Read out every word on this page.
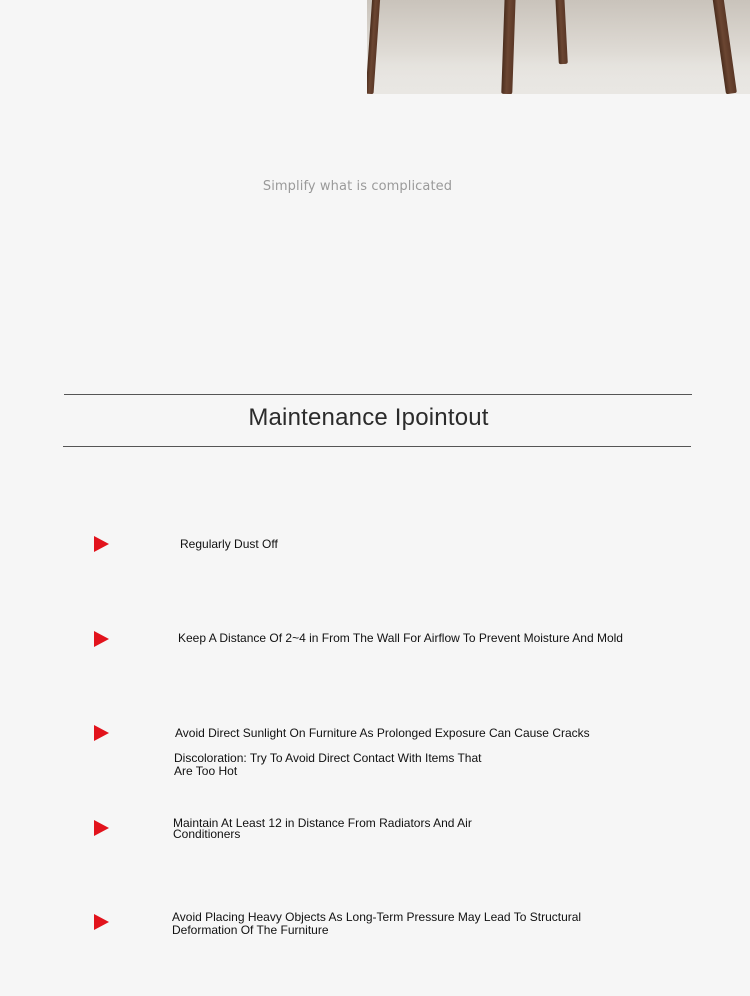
Simplify what is complicated
Maintenance Ipointout
Regularly Dust Off
Keep A Distance Of 2~4 in From The Wall For Airflow To Prevent Moisture And Mold
Avoid Direct Sunlight On Furniture As Prolonged Exposure Can Cause Cracks
Discoloration: Try To Avoid Direct Contact With Items That Are Too Hot
Maintain At Least 12 in Distance From Radiators And Air Conditioners
Avoid Placing Heavy Objects As Long-Term Pressure May Lead To Structural Deformation Of The Furniture
